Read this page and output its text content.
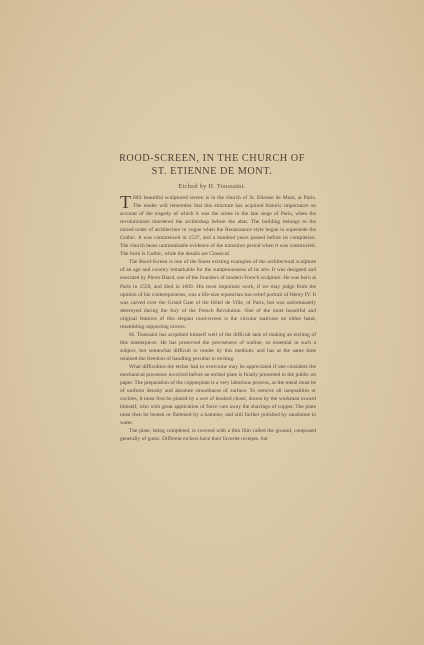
ROOD-SCREEN, IN THE CHURCH OF
ST. ETIENNE DE MONT.
Etched by H. Toussaint.

THIS beautiful sculptured screen is in the church of St. Etienne de Mont, at Paris. The reader will remember that this structure has acquired historic importance on account of the tragedy of which it was the scene in the late siege of Paris, when the revolutionists murdered the archbishop before the altar. The building belongs to the mixed order of architecture in vogue when the Renaissance style began to supersede the Gothic. It was commenced in 1537, and a hundred years passed before its completion. The church bears unmistakable evidence of the transition period when it was constructed. The form is Gothic, while the details are Classical.

The Rood-Screen is one of the finest existing examples of the architectural sculpture of an age and country remarkable for the sumptuousness of its arts. It was designed and executed by Pierre Biard, one of the founders of modern French sculpture. He was born at Paris in 1559, and died in 1609. His most important work, if we may judge from the opinion of his contemporaries, was a life-size equestrian bas-relief portrait of Henry IV. It was carved over the Grand Gate of the Hôtel de Ville, of Paris, but was unfortunately destroyed during the fury of the French Revolution. One of the most beautiful and original features of this elegant rood-screen is the circular staircase on either hand, resembling supporting towers.

M. Toussaint has acquitted himself well of the difficult task of making an etching of this masterpiece. He has preserved the preciseness of outline, so essential in such a subject, but somewhat difficult to render by this medium, and has at the same time retained the freedom of handling peculiar to etching.

What difficulties the etcher had to overcome may be appreciated if one considers the mechanical processes involved before an etched plate is finally presented to the public on paper. The preparation of the copperplate is a very laborious process, as the metal must be of uniform density and absolute smoothness of surface. To remove all inequalities or cavities, it must first be planed by a sort of hooked chisel, drawn by the workman toward himself, who with great application of force cuts away the shavings of copper. The plate must then be beaten or flattened by a hammer, and still further polished by sandstone in water.

The plate, being completed, is covered with a thin film called the ground, composed generally of gums. Different etchers have their favorite receipts, but
